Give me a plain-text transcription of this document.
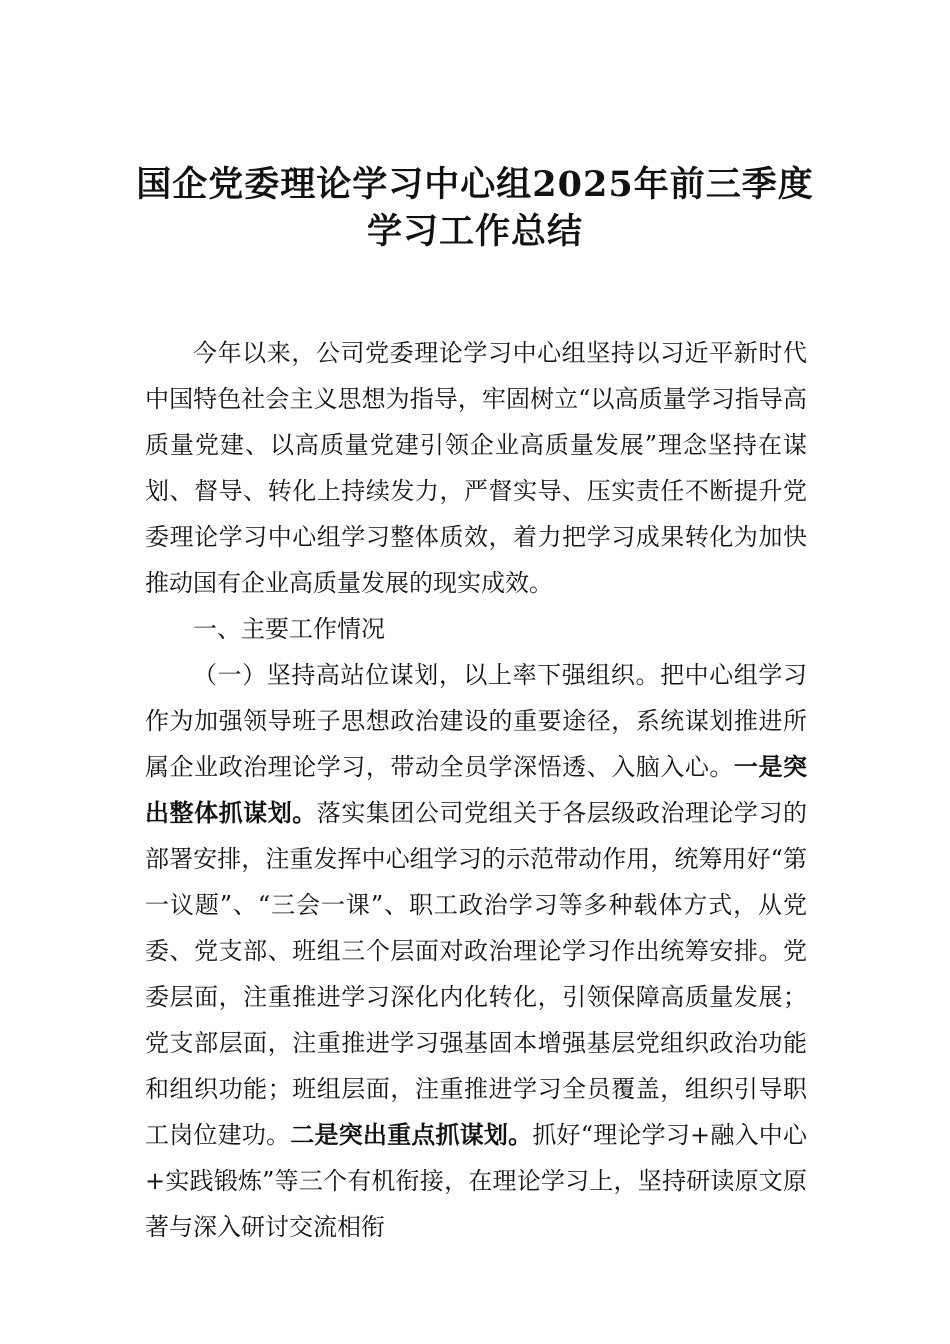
国企党委理论学习中心组2025年前三季度
学习工作总结

今年以来，公司党委理论学习中心组坚持以习近平新时代中国特色社会主义思想为指导，牢固树立“以高质量学习指导高质量党建、以高质量党建引领企业高质量发展”理念坚持在谋划、督导、转化上持续发力，严督实导、压实责任不断提升党委理论学习中心组学习整体质效，着力把学习成果转化为加快推动国有企业高质量发展的现实成效。

一、主要工作情况

（一）坚持高站位谋划，以上率下强组织。把中心组学习作为加强领导班子思想政治建设的重要途径，系统谋划推进所属企业政治理论学习，带动全员学深悟透、入脑入心。一是突出整体抓谋划。落实集团公司党组关于各层级政治理论学习的部署安排，注重发挥中心组学习的示范带动作用，统筹用好“第一议题”、“三会一课”、职工政治学习等多种载体方式，从党委、党支部、班组三个层面对政治理论学习作出统筹安排。党委层面，注重推进学习深化内化转化，引领保障高质量发展；党支部层面，注重推进学习强基固本增强基层党组织政治功能和组织功能；班组层面，注重推进学习全员覆盖，组织引导职工岗位建功。二是突出重点抓谋划。抓好“理论学习+融入中心+实践锻炼”等三个有机衔接，在理论学习上，坚持研读原文原著与深入研讨交流相衔
